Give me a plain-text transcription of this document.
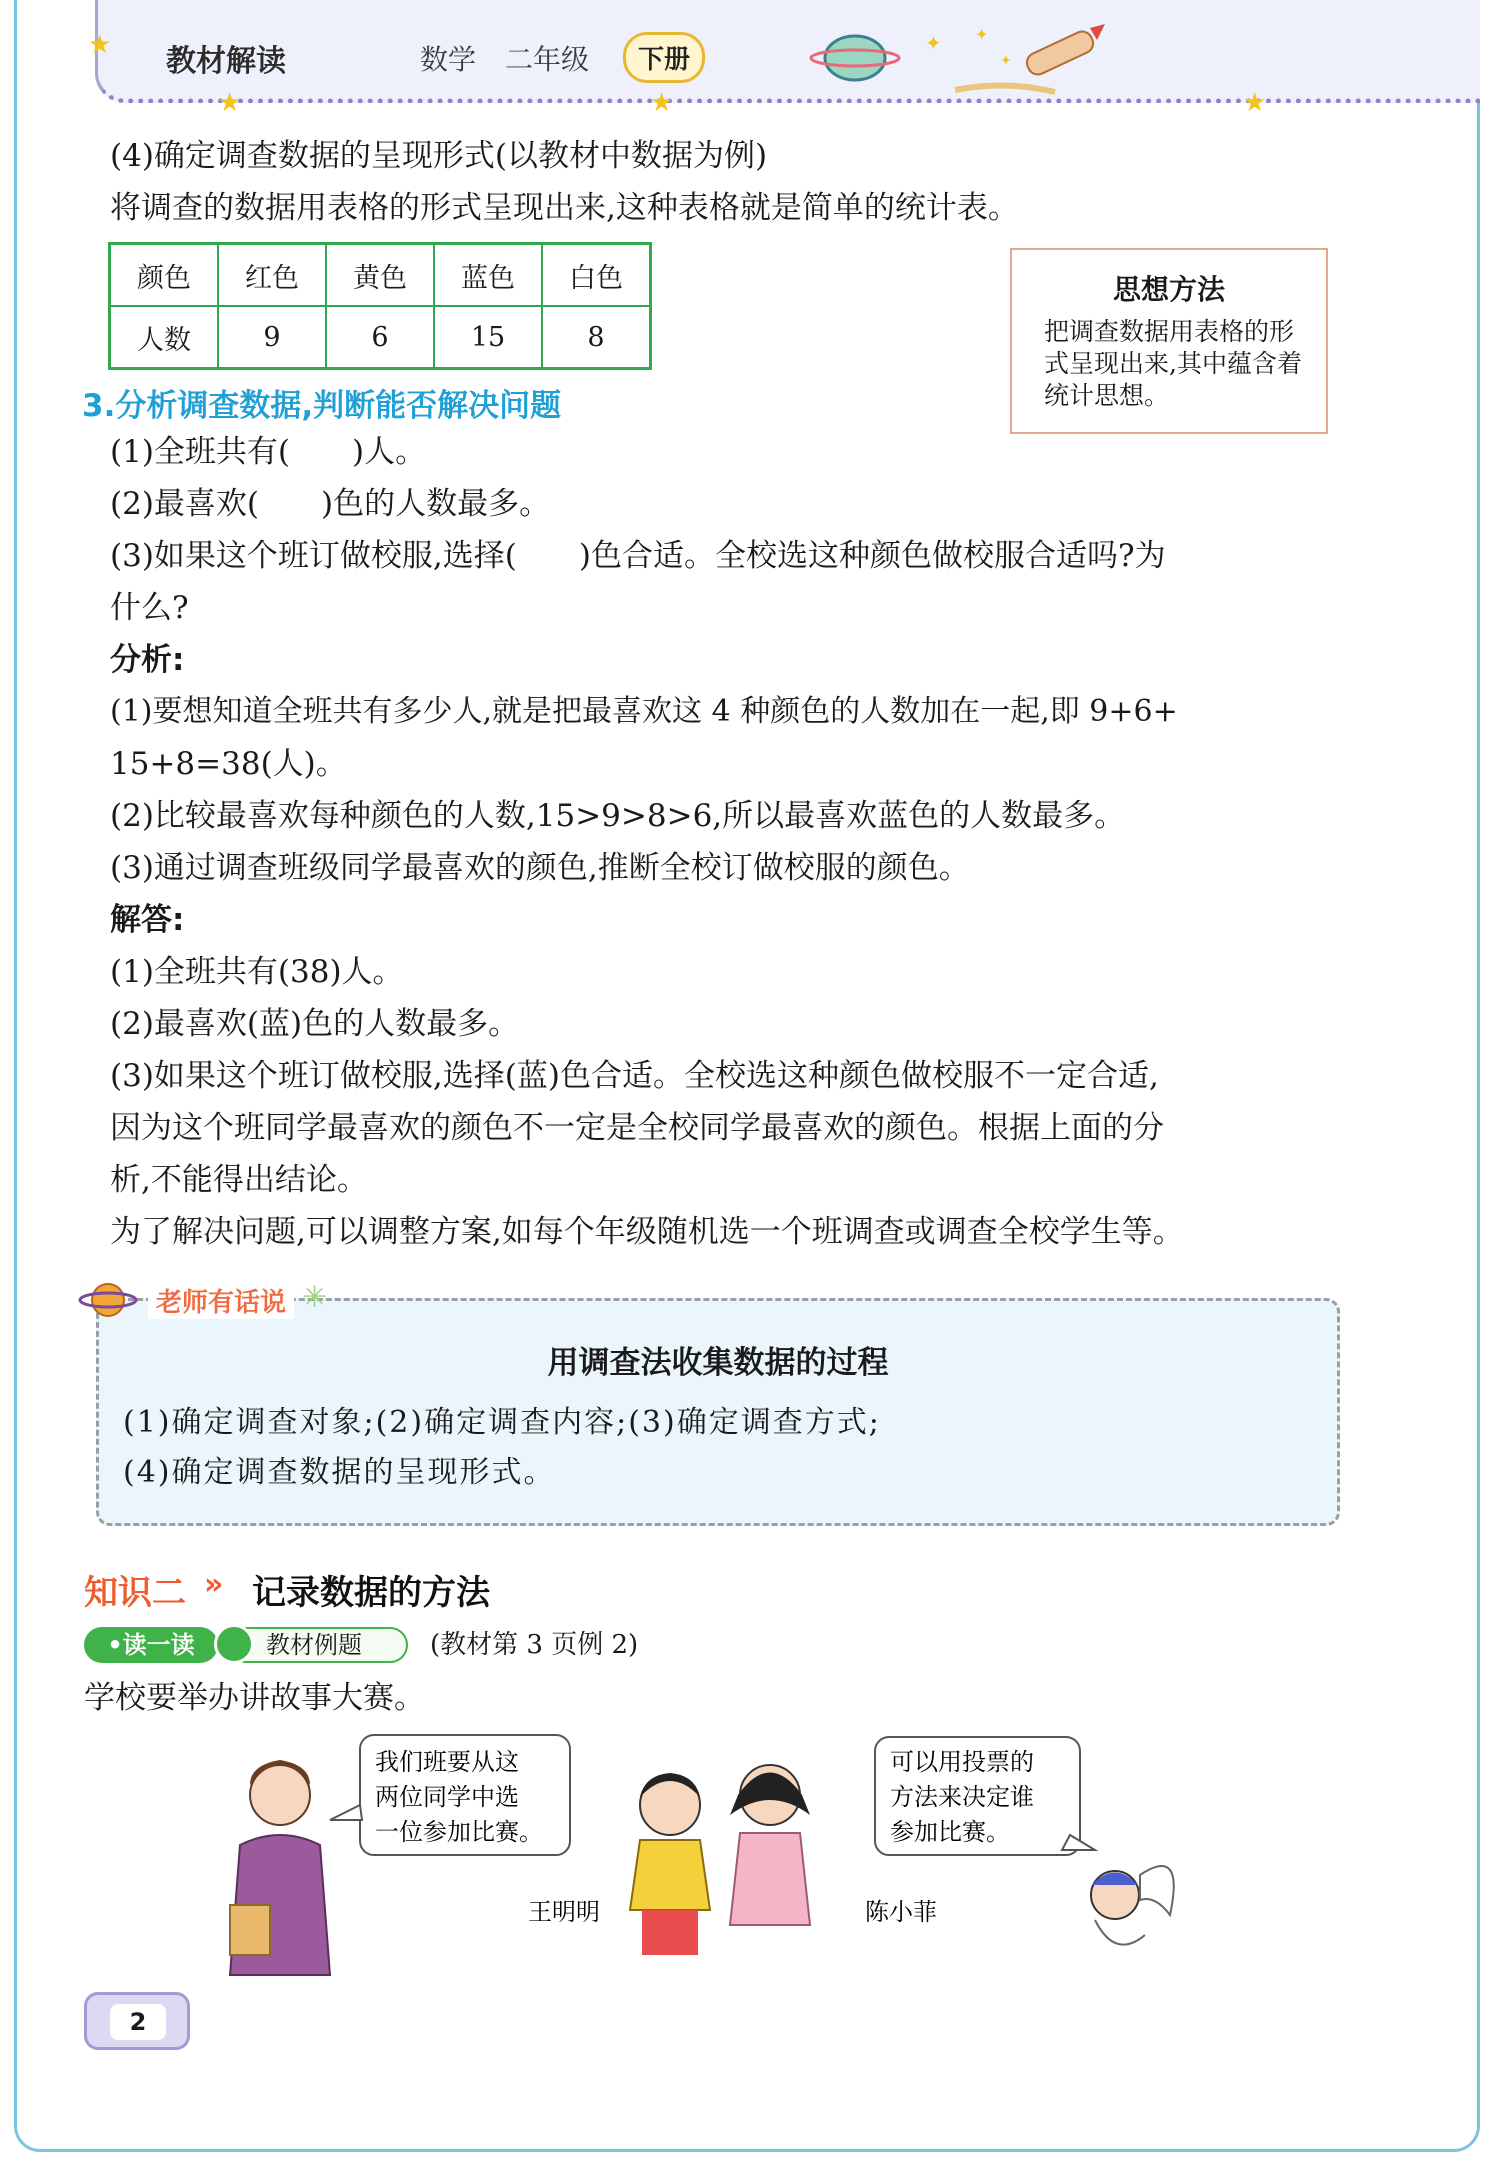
★
★	★	★
教材解读	数学 二年级	下册
✦ ✦
✦
(4)确定调查数据的呈现形式(以教材中数据为例)
将调查的数据用表格的形式呈现出来,这种表格就是简单的统计表。
颜色	红色	黄色	蓝色	白色
人数	9	6	15	8
思想方法
把调查数据用表格的形式呈现出来,其中蕴含着统计思想。
3.分析调查数据,判断能否解决问题
(1)全班共有(　　)人。
(2)最喜欢(　　)色的人数最多。
(3)如果这个班订做校服,选择(　　)色合适。全校选这种颜色做校服合适吗?为
什么?
分析:
(1)要想知道全班共有多少人,就是把最喜欢这 4 种颜色的人数加在一起,即 9+6+
15+8=38(人)。
(2)比较最喜欢每种颜色的人数,15>9>8>6,所以最喜欢蓝色的人数最多。
(3)通过调查班级同学最喜欢的颜色,推断全校订做校服的颜色。
解答:
(1)全班共有(38)人。
(2)最喜欢(蓝)色的人数最多。
(3)如果这个班订做校服,选择(蓝)色合适。全校选这种颜色做校服不一定合适,
因为这个班同学最喜欢的颜色不一定是全校同学最喜欢的颜色。根据上面的分
析,不能得出结论。
为了解决问题,可以调整方案,如每个年级随机选一个班调查或调查全校学生等。
用调查法收集数据的过程
(1)确定调查对象;(2)确定调查内容;(3)确定调查方式;
(4)确定调查数据的呈现形式。
老师有话说 ✳
知识二 » 记录数据的方法
•读一读	教材例题	(教材第 3 页例 2)
学校要举办讲故事大赛。
我们班要从这
两位同学中选
一位参加比赛。
王明明	陈小菲
可以用投票的
方法来决定谁
参加比赛。
2
